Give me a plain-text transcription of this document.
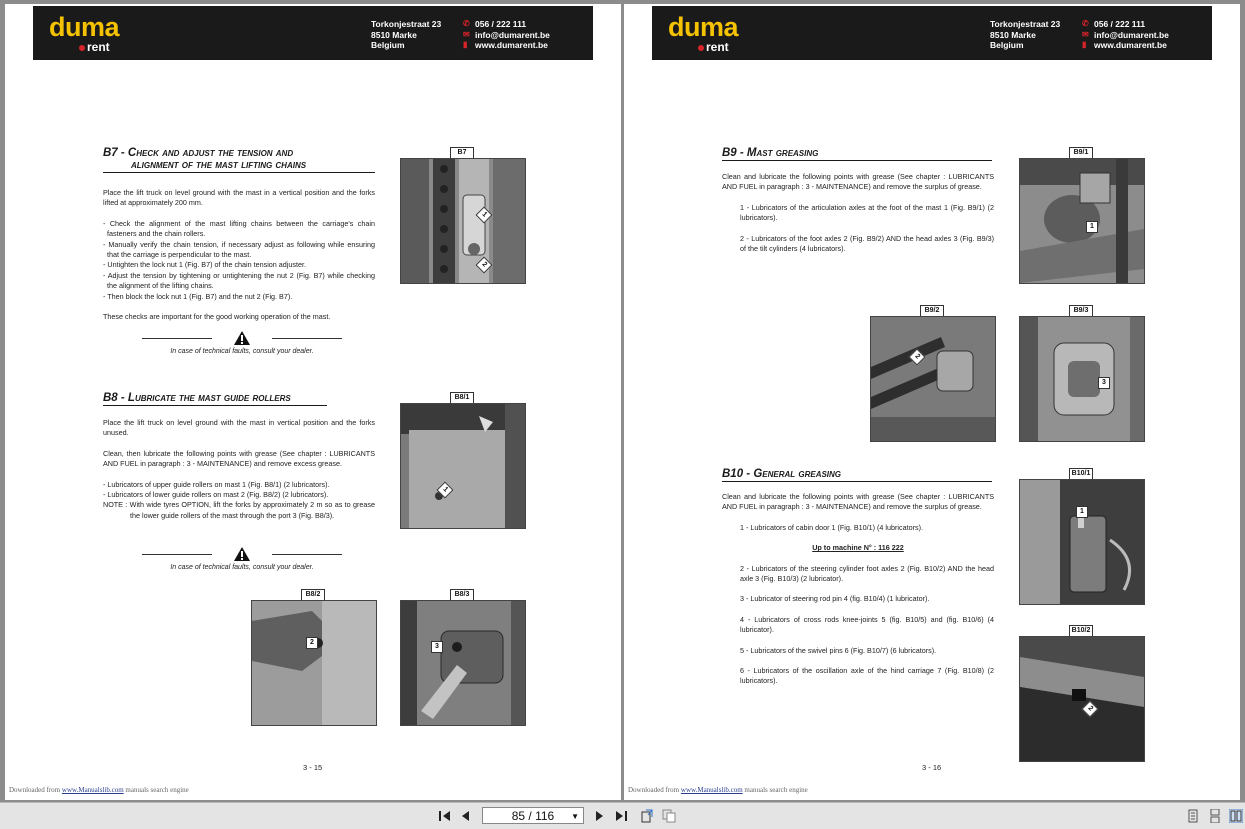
duma
rent
Torkonjestraat 23
8510 Marke
Belgium
✆ 056 / 222 111
✉ info@dumarent.be
▮ www.dumarent.be
B7 - Check and adjust the tension and
alignment of the mast lifting chains

Place the lift truck on level ground with the mast in a vertical position and the forks lifted at approximately 200 mm.

- Check the alignment of the mast lifting chains between the carriage's chain fasteners and the chain rollers.

- Manually verify the chain tension, if necessary adjust as following while ensuring that the carriage is perpendicular to the mast.

- Untighten the lock nut 1 (Fig. B7) of the chain tension adjuster.

- Adjust the tension by tightening or untightening the nut 2 (Fig. B7) while checking the alignment of the lifting chains.

- Then block the lock nut 1 (Fig. B7) and the nut 2 (Fig. B7).

These checks are important for the good working operation of the mast.

In case of technical faults, consult your dealer.
B7
1
2
B8 - Lubricate the mast guide rollers

Place the lift truck on level ground with the mast in vertical position and the forks unused.

Clean, then lubricate the following points with grease (See chapter : LUBRICANTS AND FUEL in paragraph : 3 - MAINTENANCE) and remove excess grease.

- Lubricators of upper guide rollers on mast 1 (Fig. B8/1) (2 lubricators).

- Lubricators of lower guide rollers on mast 2 (Fig. B8/2) (2 lubricators).

NOTE : With wide tyres OPTION, lift the forks by approximately 2 m so as to grease the lower guide rollers of the mast through the port 3 (Fig. B8/3).

In case of technical faults, consult your dealer.
B8/1
1
B8/2
2
B8/3
3
3 - 15
Downloaded from www.Manualslib.com manuals search engine
duma
rent
Torkonjestraat 23
8510 Marke
Belgium
✆ 056 / 222 111
✉ info@dumarent.be
▮ www.dumarent.be
B9 - Mast greasing

Clean and lubricate the following points with grease (See chapter : LUBRICANTS AND FUEL in paragraph : 3 - MAINTENANCE) and remove the surplus of grease.

1 - Lubricators of the articulation axles at the foot of the mast 1 (Fig. B9/1) (2 lubricators).

2 - Lubricators of the foot axles 2 (Fig. B9/2) AND the head axles 3 (Fig. B9/3) of the tilt cylinders (4 lubricators).

B9/1
1
B9/2
2
B9/3
3
B10 - General greasing

Clean and lubricate the following points with grease (See chapter : LUBRICANTS AND FUEL in paragraph : 3 - MAINTENANCE) and remove the surplus of grease.

1 - Lubricators of cabin door 1 (Fig. B10/1) (4 lubricators).

Up to machine N° : 116 222

2 - Lubricators of the steering cylinder foot axles 2 (Fig. B10/2) AND the head axle 3 (Fig. B10/3) (2 lubricator).

3 - Lubricator of steering rod pin 4 (fig. B10/4) (1 lubricator).

4 - Lubricators of cross rods knee-joints 5 (fig. B10/5) and (fig. B10/6) (4 lubricator).

5 - Lubricators of the swivel pins 6 (Fig. B10/7) (6 lubricators).

6 - Lubricators of the oscillation axle of the hind carriage 7 (Fig. B10/8) (2 lubricators).

B10/1
1
B10/2
2
3 - 16
Downloaded from www.Manualslib.com manuals search engine
85 / 116 ▼
